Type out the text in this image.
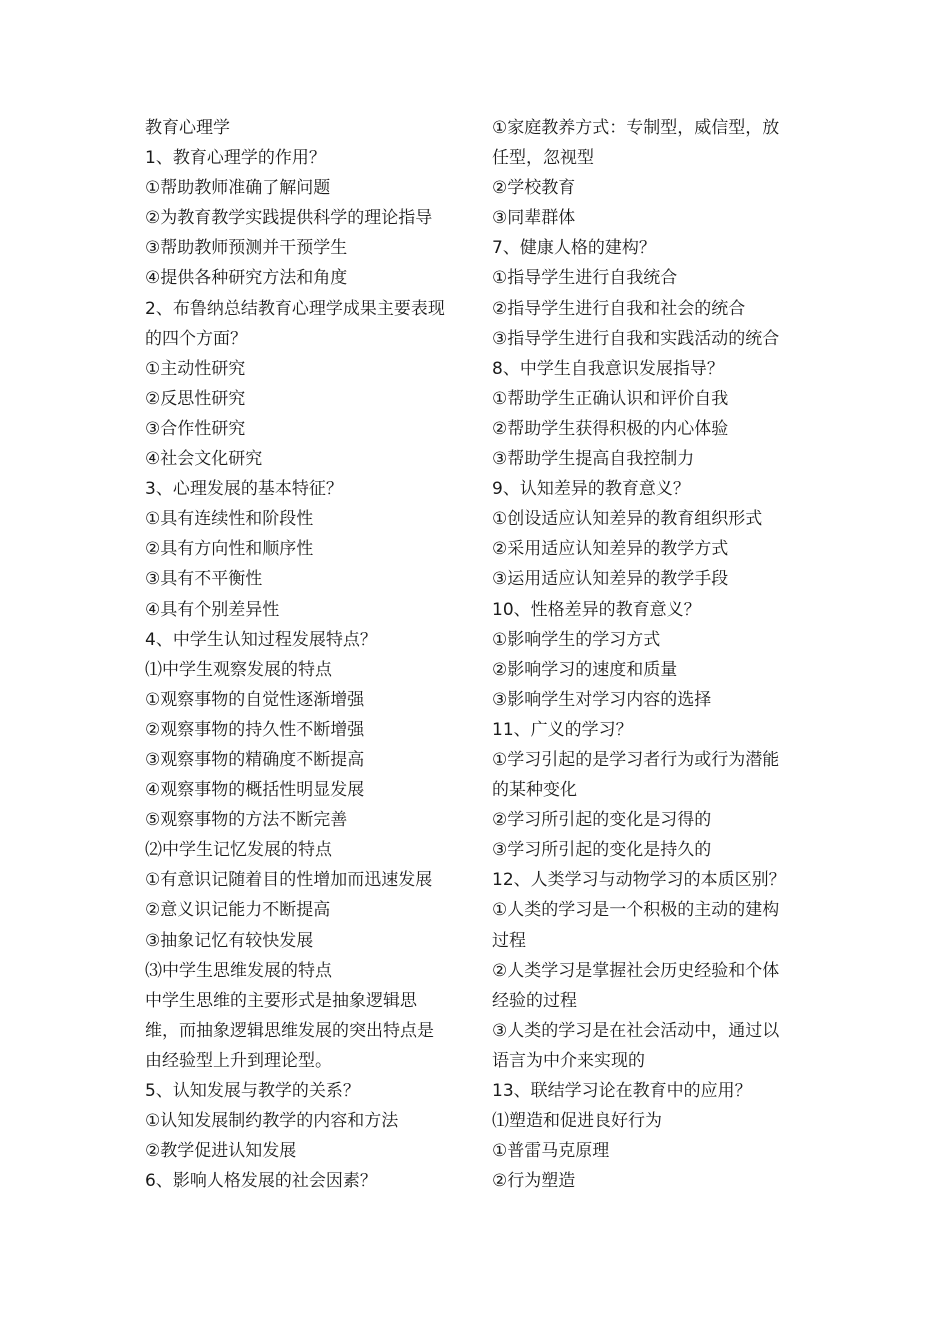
教育心理学
1、教育心理学的作用？
①帮助教师准确了解问题
②为教育教学实践提供科学的理论指导
③帮助教师预测并干预学生
④提供各种研究方法和角度
2、布鲁纳总结教育心理学成果主要表现
的四个方面？
①主动性研究
②反思性研究
③合作性研究
④社会文化研究
3、心理发展的基本特征？
①具有连续性和阶段性
②具有方向性和顺序性
③具有不平衡性
④具有个别差异性
4、中学生认知过程发展特点？
⑴中学生观察发展的特点
①观察事物的自觉性逐渐增强
②观察事物的持久性不断增强
③观察事物的精确度不断提高
④观察事物的概括性明显发展
⑤观察事物的方法不断完善
⑵中学生记忆发展的特点
①有意识记随着目的性增加而迅速发展
②意义识记能力不断提高
③抽象记忆有较快发展
⑶中学生思维发展的特点
中学生思维的主要形式是抽象逻辑思
维，而抽象逻辑思维发展的突出特点是
由经验型上升到理论型。
5、认知发展与教学的关系？
①认知发展制约教学的内容和方法
②教学促进认知发展
6、影响人格发展的社会因素？
①家庭教养方式：专制型，威信型，放
任型，忽视型
②学校教育
③同辈群体
7、健康人格的建构？
①指导学生进行自我统合
②指导学生进行自我和社会的统合
③指导学生进行自我和实践活动的统合
8、中学生自我意识发展指导？
①帮助学生正确认识和评价自我
②帮助学生获得积极的内心体验
③帮助学生提高自我控制力
9、认知差异的教育意义？
①创设适应认知差异的教育组织形式
②采用适应认知差异的教学方式
③运用适应认知差异的教学手段
10、性格差异的教育意义？
①影响学生的学习方式
②影响学习的速度和质量
③影响学生对学习内容的选择
11、广义的学习？
①学习引起的是学习者行为或行为潜能
的某种变化
②学习所引起的变化是习得的
③学习所引起的变化是持久的
12、人类学习与动物学习的本质区别？
①人类的学习是一个积极的主动的建构
过程
②人类学习是掌握社会历史经验和个体
经验的过程
③人类的学习是在社会活动中，通过以
语言为中介来实现的
13、联结学习论在教育中的应用？
⑴塑造和促进良好行为
①普雷马克原理
②行为塑造
